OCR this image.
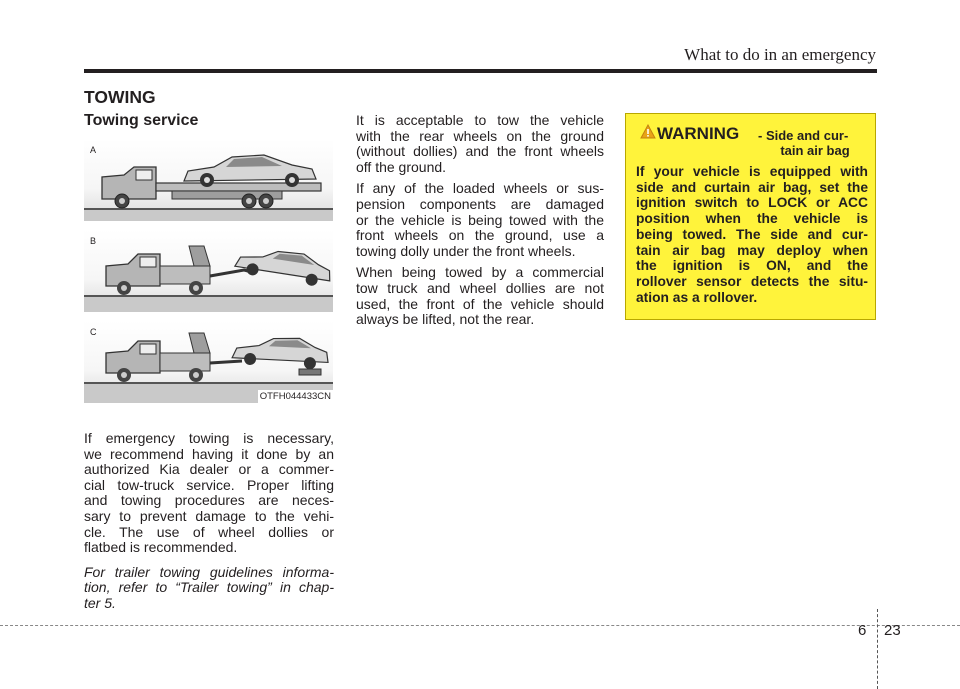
What to do in an emergency
TOWING
Towing service
A
B
C
OTFH044433CN
If emergency towing is necessary,
we recommend having it done by an
authorized Kia dealer or a commer-
cial tow-truck service. Proper lifting
and towing procedures are neces-
sary to prevent damage to the vehi-
cle. The use of wheel dollies or
flatbed is recommended.
For trailer towing guidelines informa-
tion, refer to “Trailer towing” in chap-
ter 5.
It is acceptable to tow the vehicle
with the rear wheels on the ground
(without dollies) and the front wheels
off the ground.
If any of the loaded wheels or sus-
pension components are damaged
or the vehicle is being towed with the
front wheels on the ground, use a
towing dolly under the front wheels.
When being towed by a commercial
tow truck and wheel dollies are not
used, the front of the vehicle should
always be lifted, not the rear.
WARNING - Side and cur-
tain air bag
If your vehicle is equipped with
side and curtain air bag, set the
ignition switch to LOCK or ACC
position when the vehicle is
being towed. The side and cur-
tain air bag may deploy when
the ignition is ON, and the
rollover sensor detects the situ-
ation as a rollover.
6 23
